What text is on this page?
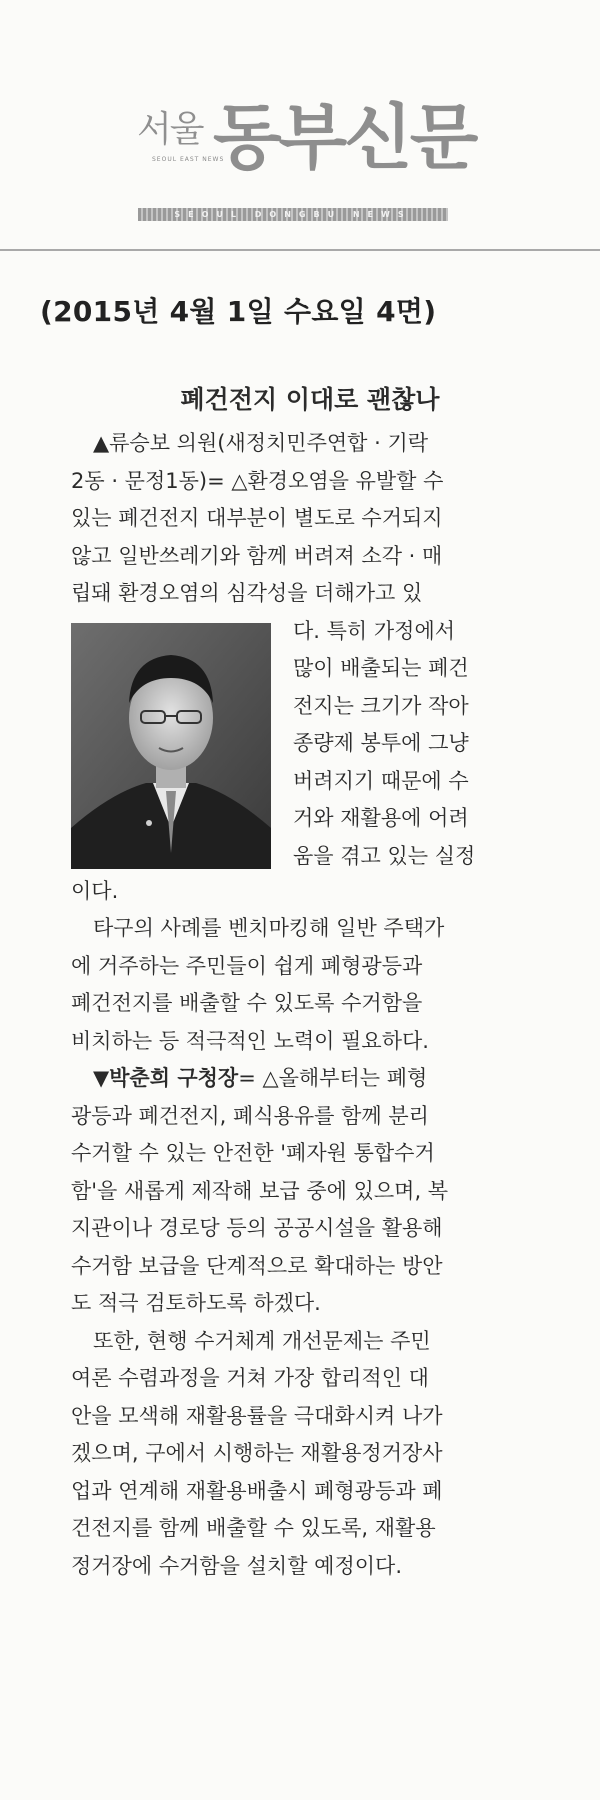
서울
SEOUL EAST NEWS
동부신문
SEOUL DONGBU NEWS
(2015년 4월 1일 수요일 4면)
폐건전지 이대로 괜찮나
▲류승보 의원(새정치민주연합 · 기락
2동 · 문정1동)= △환경오염을 유발할 수
있는 폐건전지 대부분이 별도로 수거되지
않고 일반쓰레기와 함께 버려져 소각 · 매
립돼 환경오염의 심각성을 더해가고 있
다. 특히 가정에서
많이 배출되는 폐건
전지는 크기가 작아
종량제 봉투에 그냥
버려지기 때문에 수
거와 재활용에 어려
움을 겪고 있는 실정
이다.
타구의 사례를 벤치마킹해 일반 주택가
에 거주하는 주민들이 쉽게 폐형광등과
폐건전지를 배출할 수 있도록 수거함을
비치하는 등 적극적인 노력이 필요하다.
▼박춘희 구청장= △올해부터는 폐형
광등과 폐건전지, 폐식용유를 함께 분리
수거할 수 있는 안전한 '폐자원 통합수거
함'을 새롭게 제작해 보급 중에 있으며, 복
지관이나 경로당 등의 공공시설을 활용해
수거함 보급을 단계적으로 확대하는 방안
도 적극 검토하도록 하겠다.
또한, 현행 수거체계 개선문제는 주민
여론 수렴과정을 거쳐 가장 합리적인 대
안을 모색해 재활용률을 극대화시켜 나가
겠으며, 구에서 시행하는 재활용정거장사
업과 연계해 재활용배출시 폐형광등과 폐
건전지를 함께 배출할 수 있도록, 재활용
정거장에 수거함을 설치할 예정이다.
